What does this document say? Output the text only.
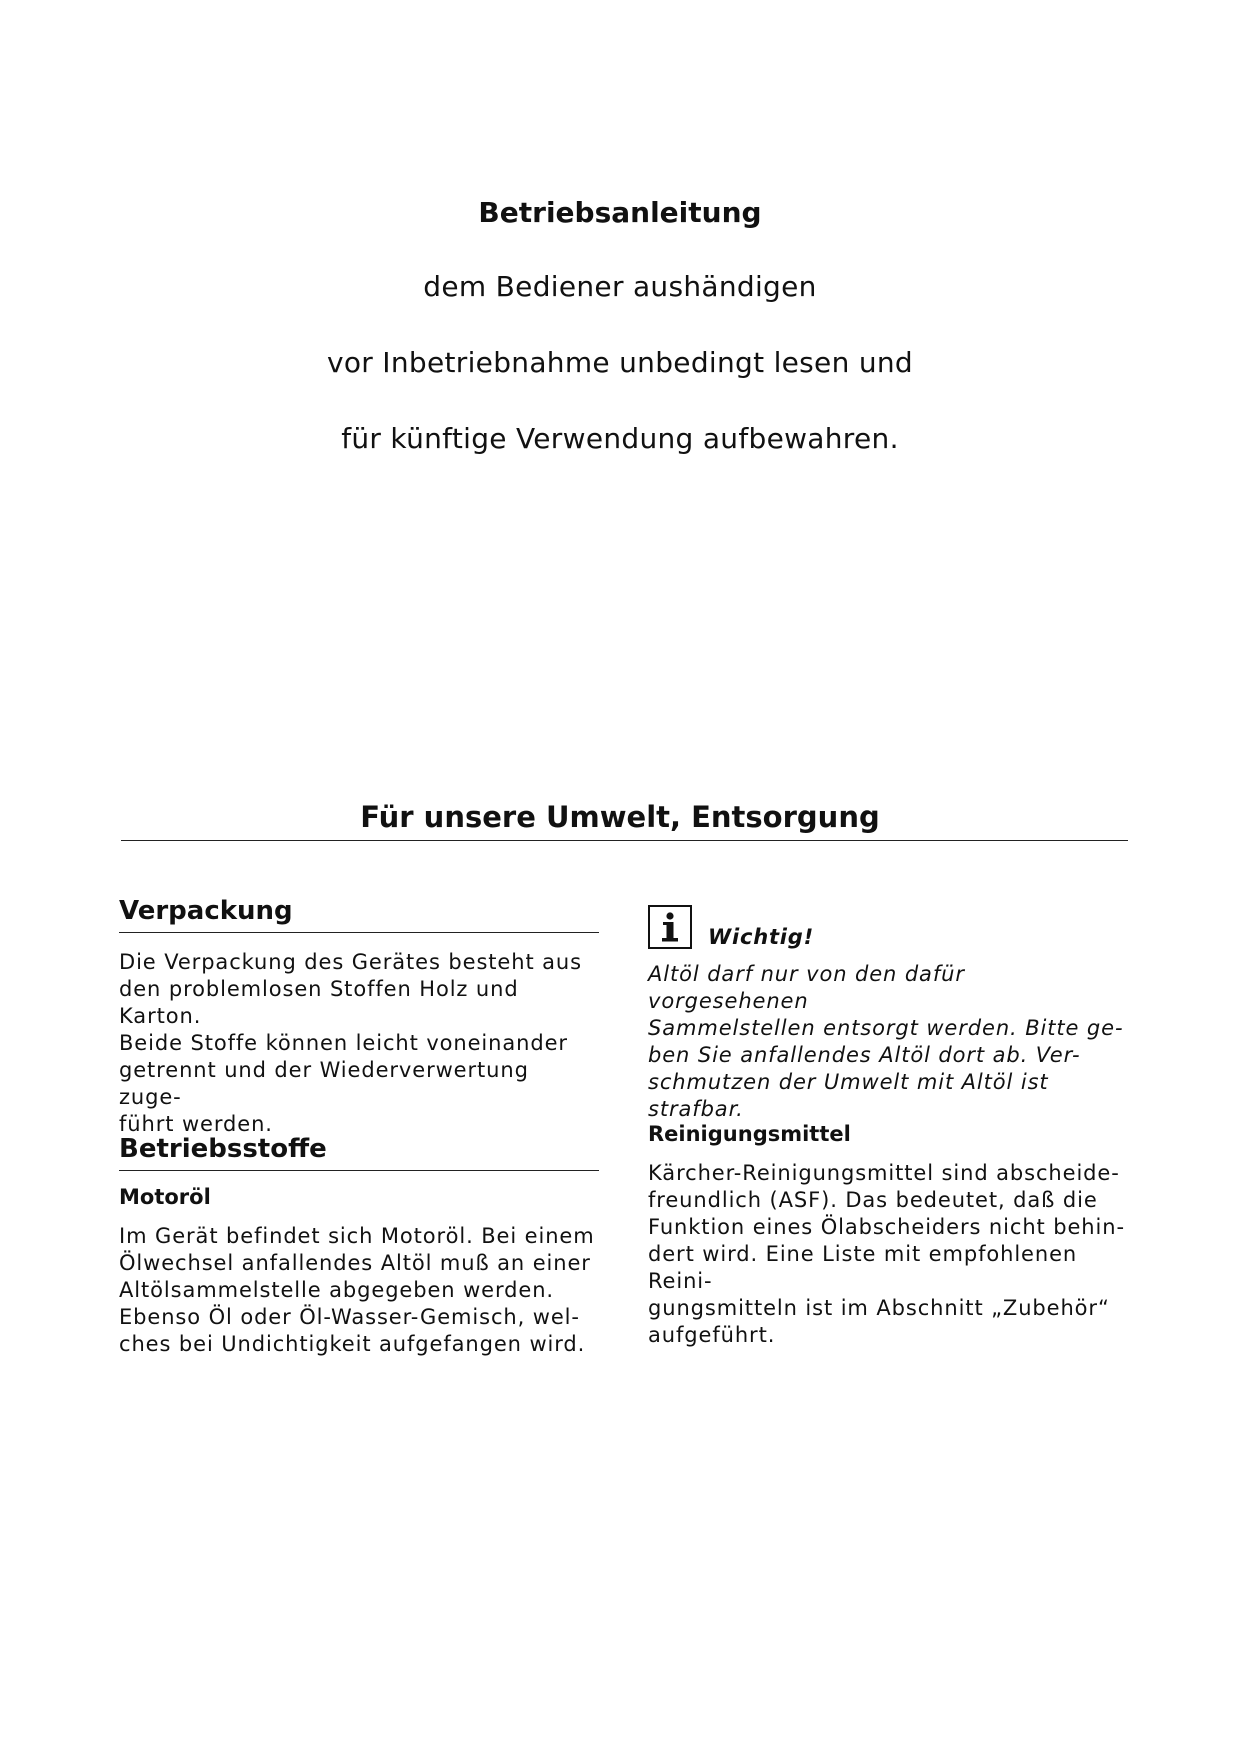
Betriebsanleitung
dem Bediener aushändigen
vor Inbetriebnahme unbedingt lesen und
für künftige Verwendung aufbewahren.
Für unsere Umwelt, Entsorgung
Verpackung
Die Verpackung des Gerätes besteht aus
den problemlosen Stoffen Holz und Karton.
Beide Stoffe können leicht voneinander
getrennt und der Wiederverwertung zuge-
führt werden.
Betriebsstoffe
Motoröl
Im Gerät befindet sich Motoröl. Bei einem
Ölwechsel anfallendes Altöl muß an einer
Altölsammelstelle abgegeben werden.
Ebenso Öl oder Öl-Wasser-Gemisch, wel-
ches bei Undichtigkeit aufgefangen wird.
Wichtig!
Altöl darf nur von den dafür vorgesehenen
Sammelstellen entsorgt werden. Bitte ge-
ben Sie anfallendes Altöl dort ab. Ver-
schmutzen der Umwelt mit Altöl ist strafbar.
Reinigungsmittel
Kärcher-Reinigungsmittel sind abscheide-
freundlich (ASF). Das bedeutet, daß die
Funktion eines Ölabscheiders nicht behin-
dert wird. Eine Liste mit empfohlenen Reini-
gungsmitteln ist im Abschnitt „Zubehör“
aufgeführt.
